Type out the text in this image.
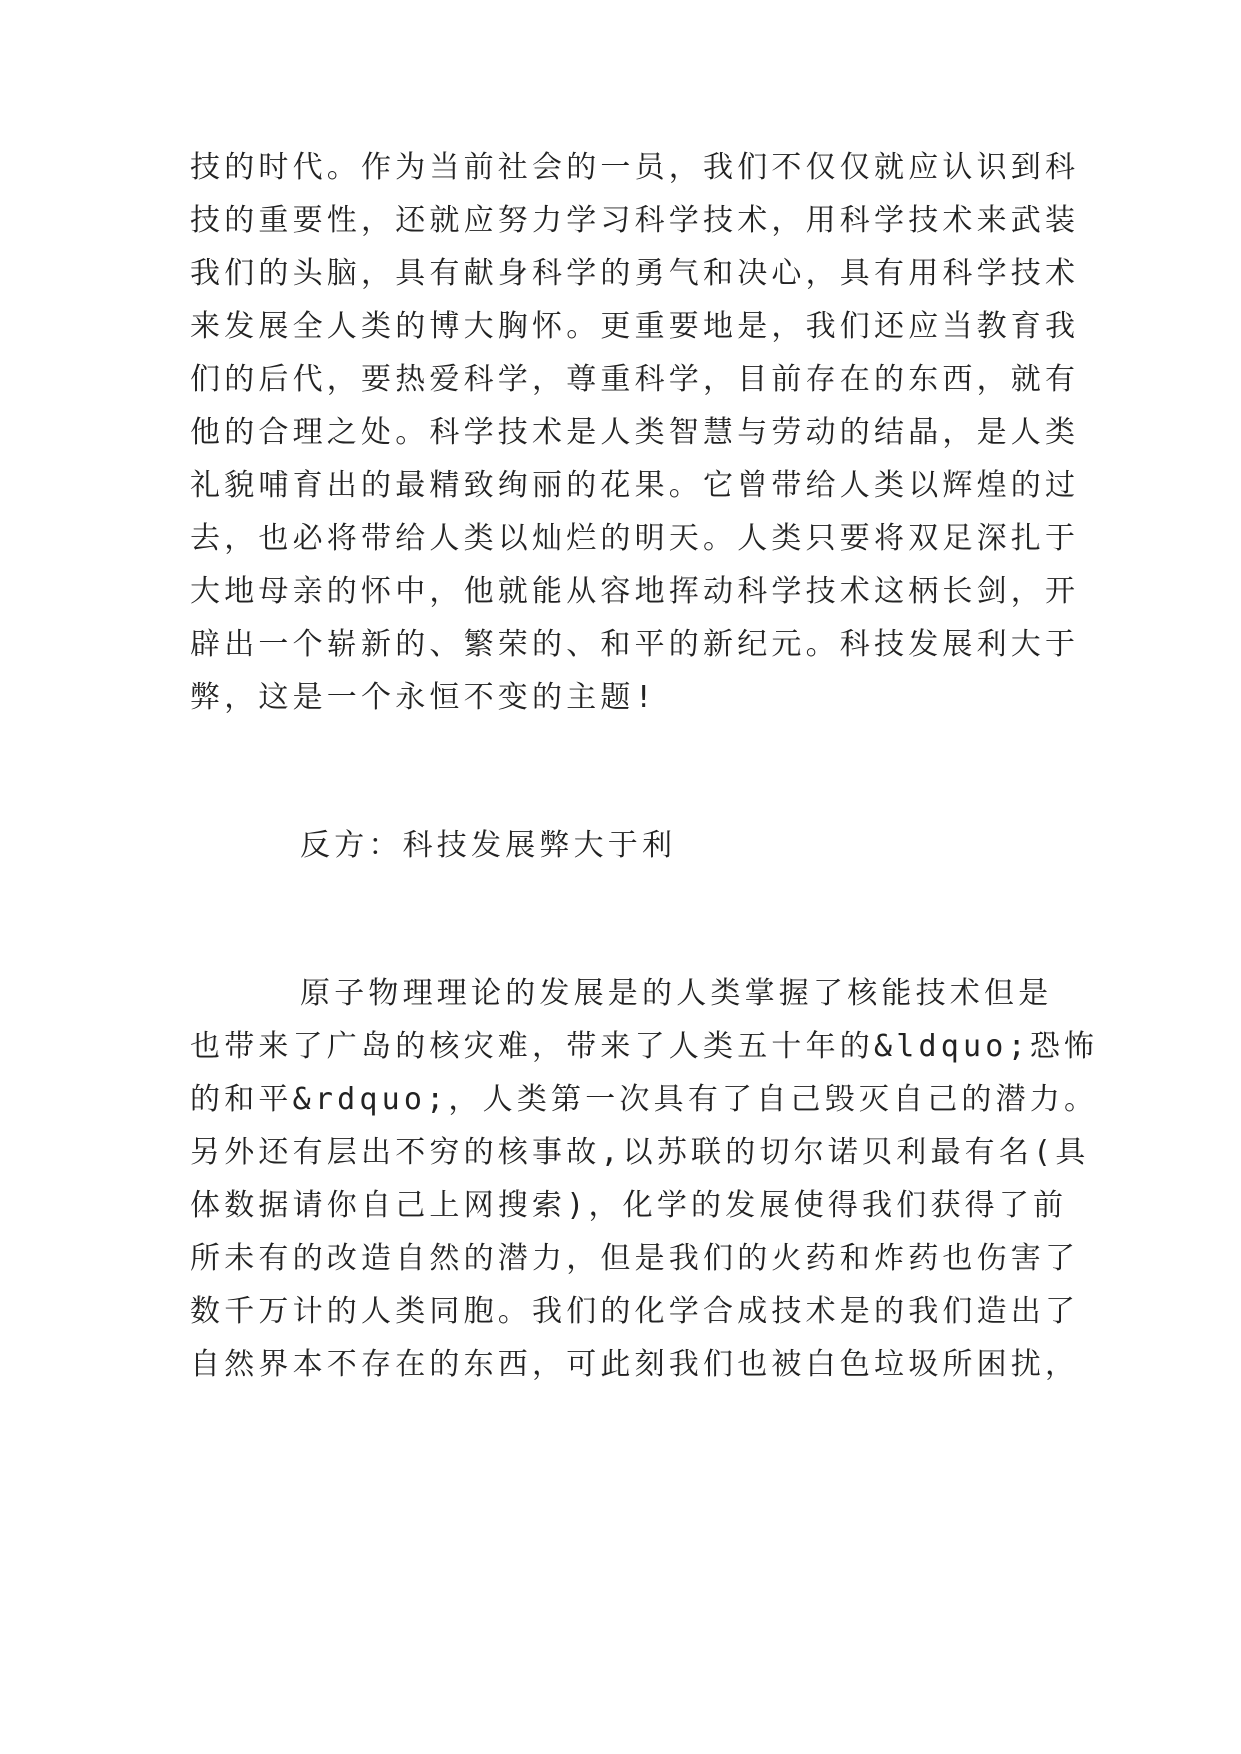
技的时代。作为当前社会的一员，我们不仅仅就应认识到科
技的重要性，还就应努力学习科学技术，用科学技术来武装
我们的头脑，具有献身科学的勇气和决心，具有用科学技术
来发展全人类的博大胸怀。更重要地是，我们还应当教育我
们的后代，要热爱科学，尊重科学，目前存在的东西，就有
他的合理之处。科学技术是人类智慧与劳动的结晶，是人类
礼貌哺育出的最精致绚丽的花果。它曾带给人类以辉煌的过
去，也必将带给人类以灿烂的明天。人类只要将双足深扎于
大地母亲的怀中，他就能从容地挥动科学技术这柄长剑，开
辟出一个崭新的、繁荣的、和平的新纪元。科技发展利大于
弊，这是一个永恒不变的主题!
反方：科技发展弊大于利
原子物理理论的发展是的人类掌握了核能技术但是
也带来了广岛的核灾难，带来了人类五十年的&ldquo;恐怖
的和平&rdquo;，人类第一次具有了自己毁灭自己的潜力。
另外还有层出不穷的核事故,以苏联的切尔诺贝利最有名(具
体数据请你自己上网搜索)，化学的发展使得我们获得了前
所未有的改造自然的潜力，但是我们的火药和炸药也伤害了
数千万计的人类同胞。我们的化学合成技术是的我们造出了
自然界本不存在的东西，可此刻我们也被白色垃圾所困扰，
